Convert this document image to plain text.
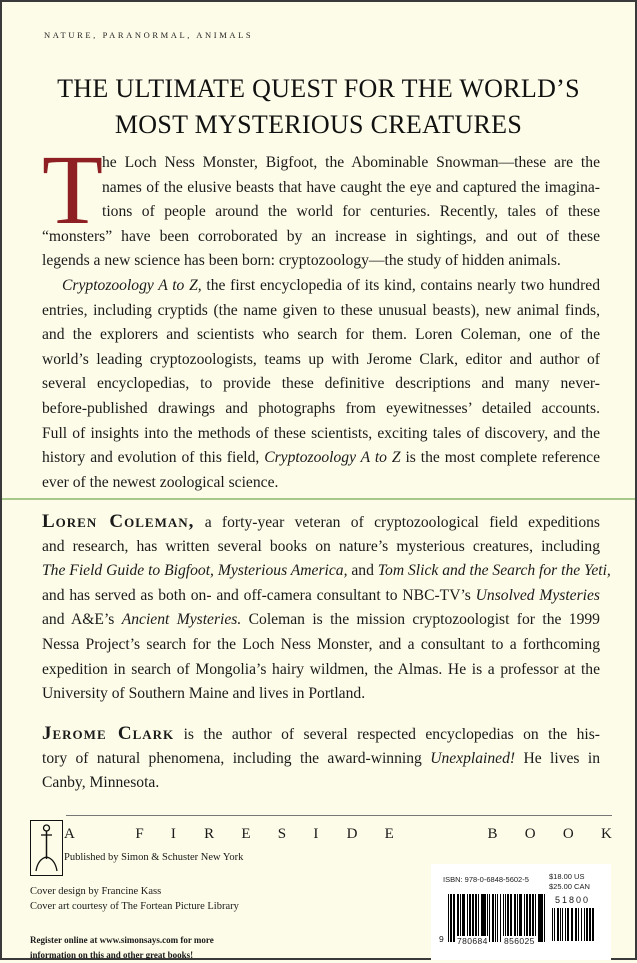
NATURE, PARANORMAL, ANIMALS
THE ULTIMATE QUEST FOR THE WORLD’S
MOST MYSTERIOUS CREATURES
T
he Loch Ness Monster, Bigfoot, the Abominable Snowman—these are the
names of the elusive beasts that have caught the eye and captured the imagina-
tions of people around the world for centuries. Recently, tales of these
“monsters” have been corroborated by an increase in sightings, and out of these
legends a new science has been born: cryptozoology—the study of hidden animals.
Cryptozoology A to Z, the first encyclopedia of its kind, contains nearly two hundred
entries, including cryptids (the name given to these unusual beasts), new animal finds,
and the explorers and scientists who search for them. Loren Coleman, one of the
world’s leading cryptozoologists, teams up with Jerome Clark, editor and author of
several encyclopedias, to provide these definitive descriptions and many never-
before-published drawings and photographs from eyewitnesses’ detailed accounts.
Full of insights into the methods of these scientists, exciting tales of discovery, and the
history and evolution of this field, Cryptozoology A to Z is the most complete reference
ever of the newest zoological science.
Loren Coleman, a forty-year veteran of cryptozoological field expeditions
and research, has written several books on nature’s mysterious creatures, including
The Field Guide to Bigfoot, Mysterious America, and Tom Slick and the Search for the Yeti,
and has served as both on- and off-camera consultant to NBC-TV’s Unsolved Mysteries
and A&E’s Ancient Mysteries. Coleman is the mission cryptozoologist for the 1999
Nessa Project’s search for the Loch Ness Monster, and a consultant to a forthcoming
expedition in search of Mongolia’s hairy wildmen, the Almas. He is a professor at the
University of Southern Maine and lives in Portland.
Jerome Clark is the author of several respected encyclopedias on the his-
tory of natural phenomena, including the award-winning Unexplained! He lives in
Canby, Minnesota.
A	F I R E S I D E	B O O K
Published by Simon & Schuster New York
Cover design by Francine Kass
Cover art courtesy of The Fortean Picture Library
Register online at www.simonsays.com for more
information on this and other great books!
ISBN: 978-0-6848-5602-5	$18.00 US
$25.00 CAN
51800
9 780684 856025
